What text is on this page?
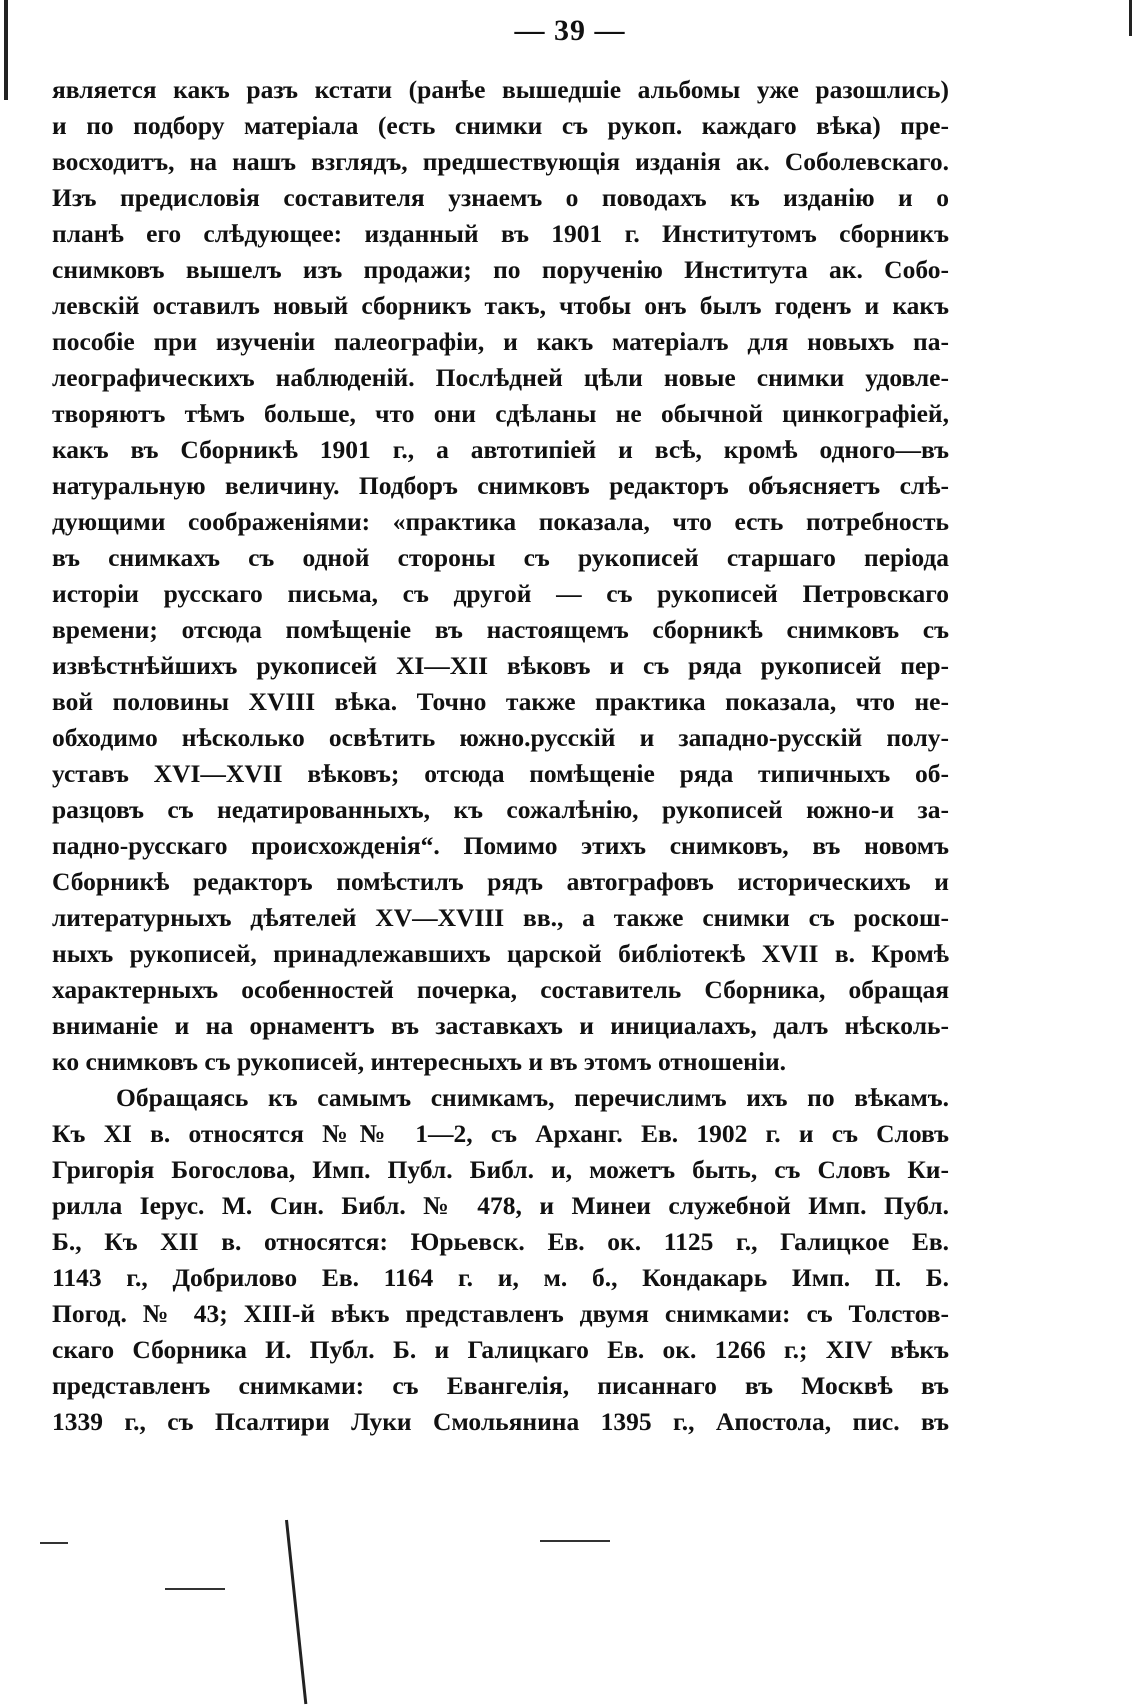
— 39 —
является какъ разъ кстати (ранѣе вышедшіе альбомы уже разошлись)
и по подбору матеріала (есть снимки съ рукоп. каждаго вѣка) пре-
восходитъ, на нашъ взглядъ, предшествующія изданія ак. Соболевскаго.
Изъ предисловія составителя узнаемъ о поводахъ къ изданію и о
планѣ его слѣдующее: изданный въ 1901 г. Институтомъ сборникъ
снимковъ вышелъ изъ продажи; по порученію Института ак. Собо-
левскій оставилъ новый сборникъ такъ, чтобы онъ былъ годенъ и какъ
пособіе при изученіи палеографіи, и какъ матеріалъ для новыхъ па-
леографическихъ наблюденій. Послѣдней цѣли новые снимки удовле-
творяютъ тѣмъ больше, что они сдѣланы не обычной цинкографіей,
какъ въ Сборникѣ 1901 г., а автотипіей и всѣ, кромѣ одного—въ
натуральную величину. Подборъ снимковъ редакторъ объясняетъ слѣ-
дующими соображеніями: «практика показала, что есть потребность
въ снимкахъ съ одной стороны съ рукописей старшаго періода
исторіи русскаго письма, съ другой — съ рукописей Петровскаго
времени; отсюда помѣщеніе въ настоящемъ сборникѣ снимковъ съ
извѣстнѣйшихъ рукописей XI—XII вѣковъ и съ ряда рукописей пер-
вой половины XVIII вѣка. Точно также практика показала, что не-
обходимо нѣсколько освѣтить южно.русскій и западно-русскій полу-
уставъ XVI—XVII вѣковъ; отсюда помѣщеніе ряда типичныхъ об-
разцовъ съ недатированныхъ, къ сожалѣнію, рукописей южно-и за-
падно-русскаго происхожденія“. Помимо этихъ снимковъ, въ новомъ
Сборникѣ редакторъ помѣстилъ рядъ автографовъ историческихъ и
литературныхъ дѣятелей XV—XVIII вв., а также снимки съ роскош-
ныхъ рукописей, принадлежавшихъ царской библіотекѣ XVII в. Кромѣ
характерныхъ особенностей почерка, составитель Сборника, обращая
вниманіе и на орнаментъ въ заставкахъ и инициалахъ, далъ нѣсколь-
ко снимковъ съ рукописей, интересныхъ и въ этомъ отношеніи.
Обращаясь къ самымъ снимкамъ, перечислимъ ихъ по вѣкамъ.
Къ XI в. относятся №№ 1—2, съ Арханг. Ев. 1902 г. и съ Словъ
Григорія Богослова, Имп. Публ. Библ. и, можетъ быть, съ Словъ Ки-
рилла Іерус. М. Син. Библ. № 478, и Минеи служебной Имп. Публ.
Б., Къ XII в. относятся: Юрьевск. Ев. ок. 1125 г., Галицкое Ев.
1143 г., Добрилово Ев. 1164 г. и, м. б., Кондакарь Имп. П. Б.
Погод. № 43; XIII-й вѣкъ представленъ двумя снимками: съ Толстов-
скаго Сборника И. Публ. Б. и Галицкаго Ев. ок. 1266 г.; XIV вѣкъ
представленъ снимками: съ Евангелія, писаннаго въ Москвѣ въ
1339 г., съ Псалтири Луки Смольянина 1395 г., Апостола, пис. въ
